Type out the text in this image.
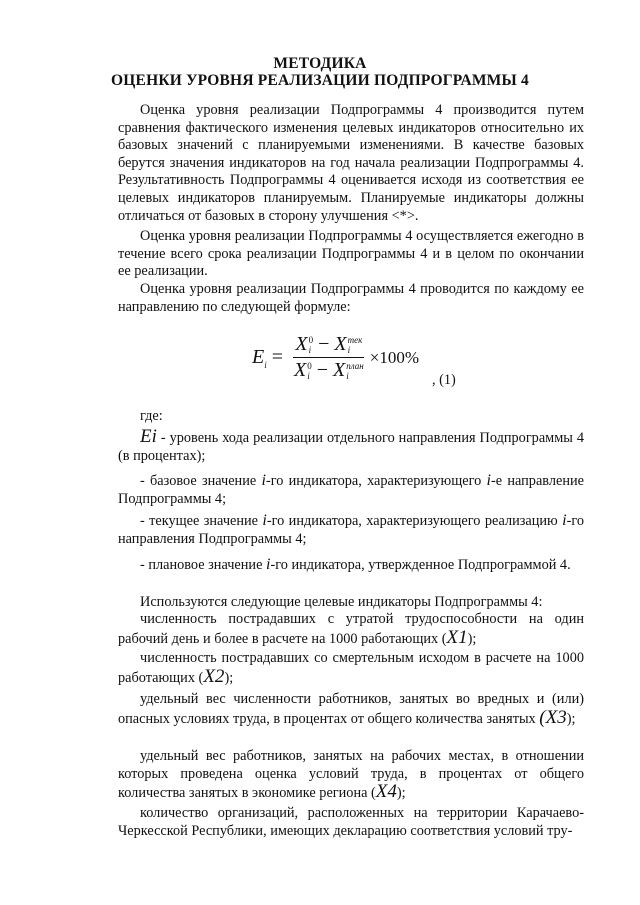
МЕТОДИКА
ОЦЕНКИ УРОВНЯ РЕАЛИЗАЦИИ ПОДПРОГРАММЫ 4

Оценка уровня реализации Подпрограммы 4 производится путем сравнения фактического изменения целевых индикаторов относительно их базовых значений с планируемыми изменениями. В качестве базовых берутся значения индикаторов на год начала реализации Подпрограммы 4. Результативность Подпрограммы 4 оценивается исходя из соответствия ее целевых индикаторов планируемым. Планируемые индикаторы должны отличаться от базовых в сторону улучшения <*>.

Оценка уровня реализации Подпрограммы 4 осуществляется ежегодно в течение всего срока реализации Подпрограммы 4 и в целом по окончании ее реализации.

Оценка уровня реализации Подпрограммы 4 проводится по каждому ее направлению по следующей формуле:

$E_i = X$ 0
i − X тек
i
X 0
i − X план
i ×100%
, (1)

где:

Ei - уровень хода реализации отдельного направления Подпрограммы 4 (в процентах);

- базовое значение i-го индикатора, характеризующего i-е направление Подпрограммы 4;

- текущее значение i-го индикатора, характеризующего реализацию i-го направления Подпрограммы 4;

- плановое значение i-го индикатора, утвержденное Подпрограммой 4.

Используются следующие целевые индикаторы Подпрограммы 4:

численность пострадавших с утратой трудоспособности на один рабочий день и более в расчете на 1000 работающих (X1);

численность пострадавших со смертельным исходом в расчете на 1000 работающих (X2);

удельный вес численности работников, занятых во вредных и (или) опасных условиях труда, в процентах от общего количества занятых (X3);

удельный вес работников, занятых на рабочих местах, в отношении которых проведена оценка условий труда, в процентах от общего количества занятых в экономике региона (X4);

количество организаций, расположенных на территории Карачаево-Черкесской Республики, имеющих декларацию соответствия условий тру-
